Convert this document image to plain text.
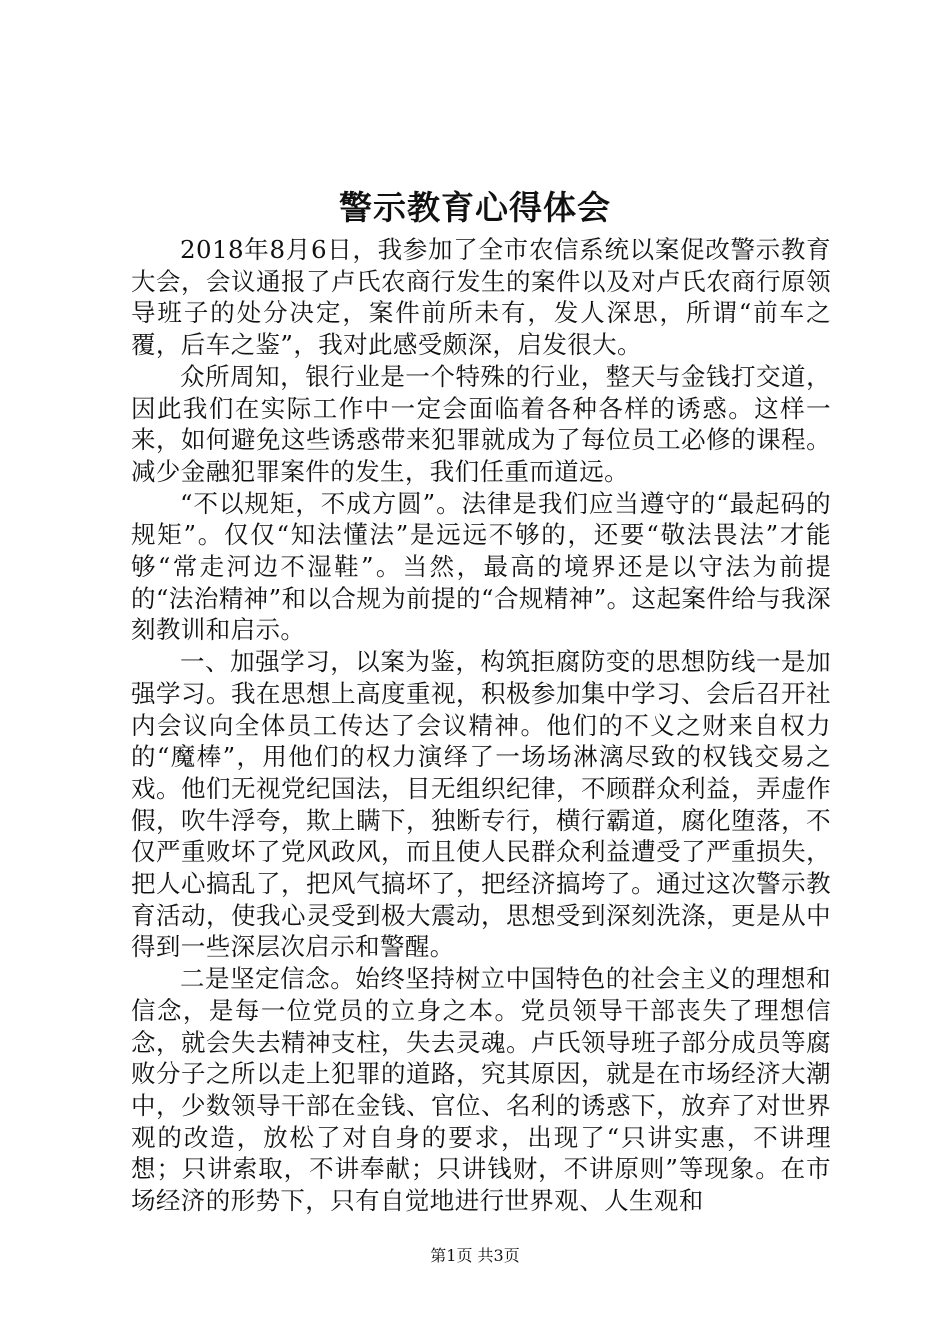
警示教育心得体会

2018年8月6日，我参加了全市农信系统以案促改警示教育大会，会议通报了卢氏农商行发生的案件以及对卢氏农商行原领导班子的处分决定，案件前所未有，发人深思，所谓“前车之覆，后车之鉴”，我对此感受颇深，启发很大。

众所周知，银行业是一个特殊的行业，整天与金钱打交道，因此我们在实际工作中一定会面临着各种各样的诱惑。这样一来，如何避免这些诱惑带来犯罪就成为了每位员工必修的课程。减少金融犯罪案件的发生，我们任重而道远。

“不以规矩，不成方圆”。法律是我们应当遵守的“最起码的规矩”。仅仅“知法懂法”是远远不够的，还要“敬法畏法”才能够“常走河边不湿鞋”。当然，最高的境界还是以守法为前提的“法治精神”和以合规为前提的“合规精神”。这起案件给与我深刻教训和启示。

一、加强学习，以案为鉴，构筑拒腐防变的思想防线一是加强学习。我在思想上高度重视，积极参加集中学习、会后召开社内会议向全体员工传达了会议精神。他们的不义之财来自权力的“魔棒”，用他们的权力演绎了一场场淋漓尽致的权钱交易之戏。他们无视党纪国法，目无组织纪律，不顾群众利益，弄虚作假，吹牛浮夸，欺上瞒下，独断专行，横行霸道，腐化堕落，不仅严重败坏了党风政风，而且使人民群众利益遭受了严重损失，把人心搞乱了，把风气搞坏了，把经济搞垮了。通过这次警示教育活动，使我心灵受到极大震动，思想受到深刻洗涤，更是从中得到一些深层次启示和警醒。

二是坚定信念。始终坚持树立中国特色的社会主义的理想和信念，是每一位党员的立身之本。党员领导干部丧失了理想信念，就会失去精神支柱，失去灵魂。卢氏领导班子部分成员等腐败分子之所以走上犯罪的道路，究其原因，就是在市场经济大潮中，少数领导干部在金钱、官位、名利的诱惑下，放弃了对世界观的改造，放松了对自身的要求，出现了“只讲实惠，不讲理想；只讲索取，不讲奉献；只讲钱财，不讲原则”等现象。在市场经济的形势下，只有自觉地进行世界观、人生观和

第1页 共3页
